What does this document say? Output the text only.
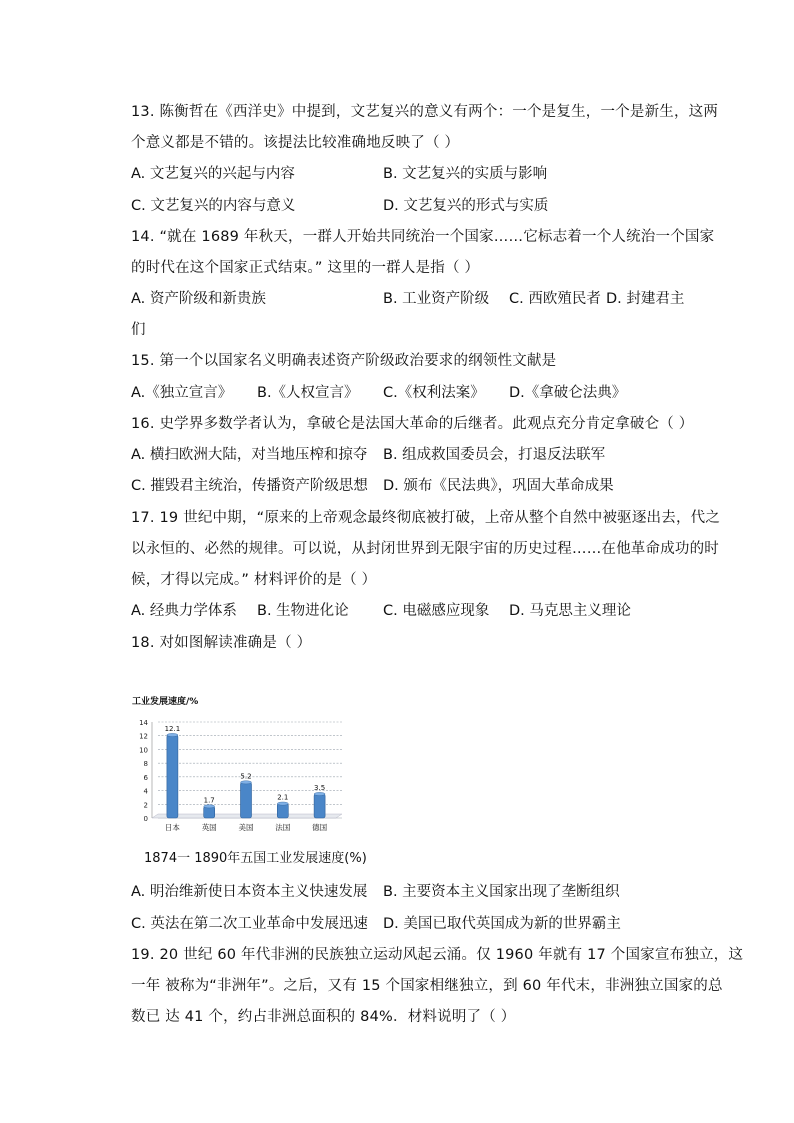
13. 陈衡哲在《西洋史》中提到，文艺复兴的意义有两个：一个是复生，一个是新生，这两
个意义都是不错的。该提法比较准确地反映了（ ）
A. 文艺复兴的兴起与内容	B. 文艺复兴的实质与影响
C. 文艺复兴的内容与意义	D. 文艺复兴的形式与实质
14. “就在 1689 年秋天，一群人开始共同统治一个国家……它标志着一个人统治一个国家
的时代在这个国家正式结束。” 这里的一群人是指（ ）
A. 资产阶级和新贵族	B. 工业资产阶级 C. 西欧殖民者 D. 封建君主
们
15. 第一个以国家名义明确表述资产阶级政治要求的纲领性文献是
A.《独立宣言》 B.《人权宣言》 C.《权利法案》 D.《拿破仑法典》
16. 史学界多数学者认为，拿破仑是法国大革命的后继者。此观点充分肯定拿破仑（ ）
A. 横扫欧洲大陆，对当地压榨和掠夺 B. 组成救国委员会，打退反法联军
C. 摧毁君主统治，传播资产阶级思想 D. 颁布《民法典》，巩固大革命成果
17. 19 世纪中期，“原来的上帝观念最终彻底被打破，上帝从整个自然中被驱逐出去，代之
以永恒的、必然的规律。可以说，从封闭世界到无限宇宙的历史过程……在他革命成功的时
候，才得以完成。” 材料评价的是（ ）
A. 经典力学体系 B. 生物进化论 C. 电磁感应现象 D. 马克思主义理论
18. 对如图解读准确是（ ）
工业发展速度/%
0
2
4
6
8
10
12
14
12.1
1.7
5.2
2.1
3.5
日本	英国	美国	法国	德国
1874一 1890年五国工业发展速度(%)
A. 明治维新使日本资本主义快速发展 B. 主要资本主义国家出现了垄断组织
C. 英法在第二次工业革命中发展迅速 D. 美国已取代英国成为新的世界霸主
19. 20 世纪 60 年代非洲的民族独立运动风起云涌。仅 1960 年就有 17 个国家宣布独立，这
一年 被称为“非洲年”。之后，又有 15 个国家相继独立，到 60 年代末，非洲独立国家的总
数已 达 41 个，约占非洲总面积的 84%．材料说明了（ ）
